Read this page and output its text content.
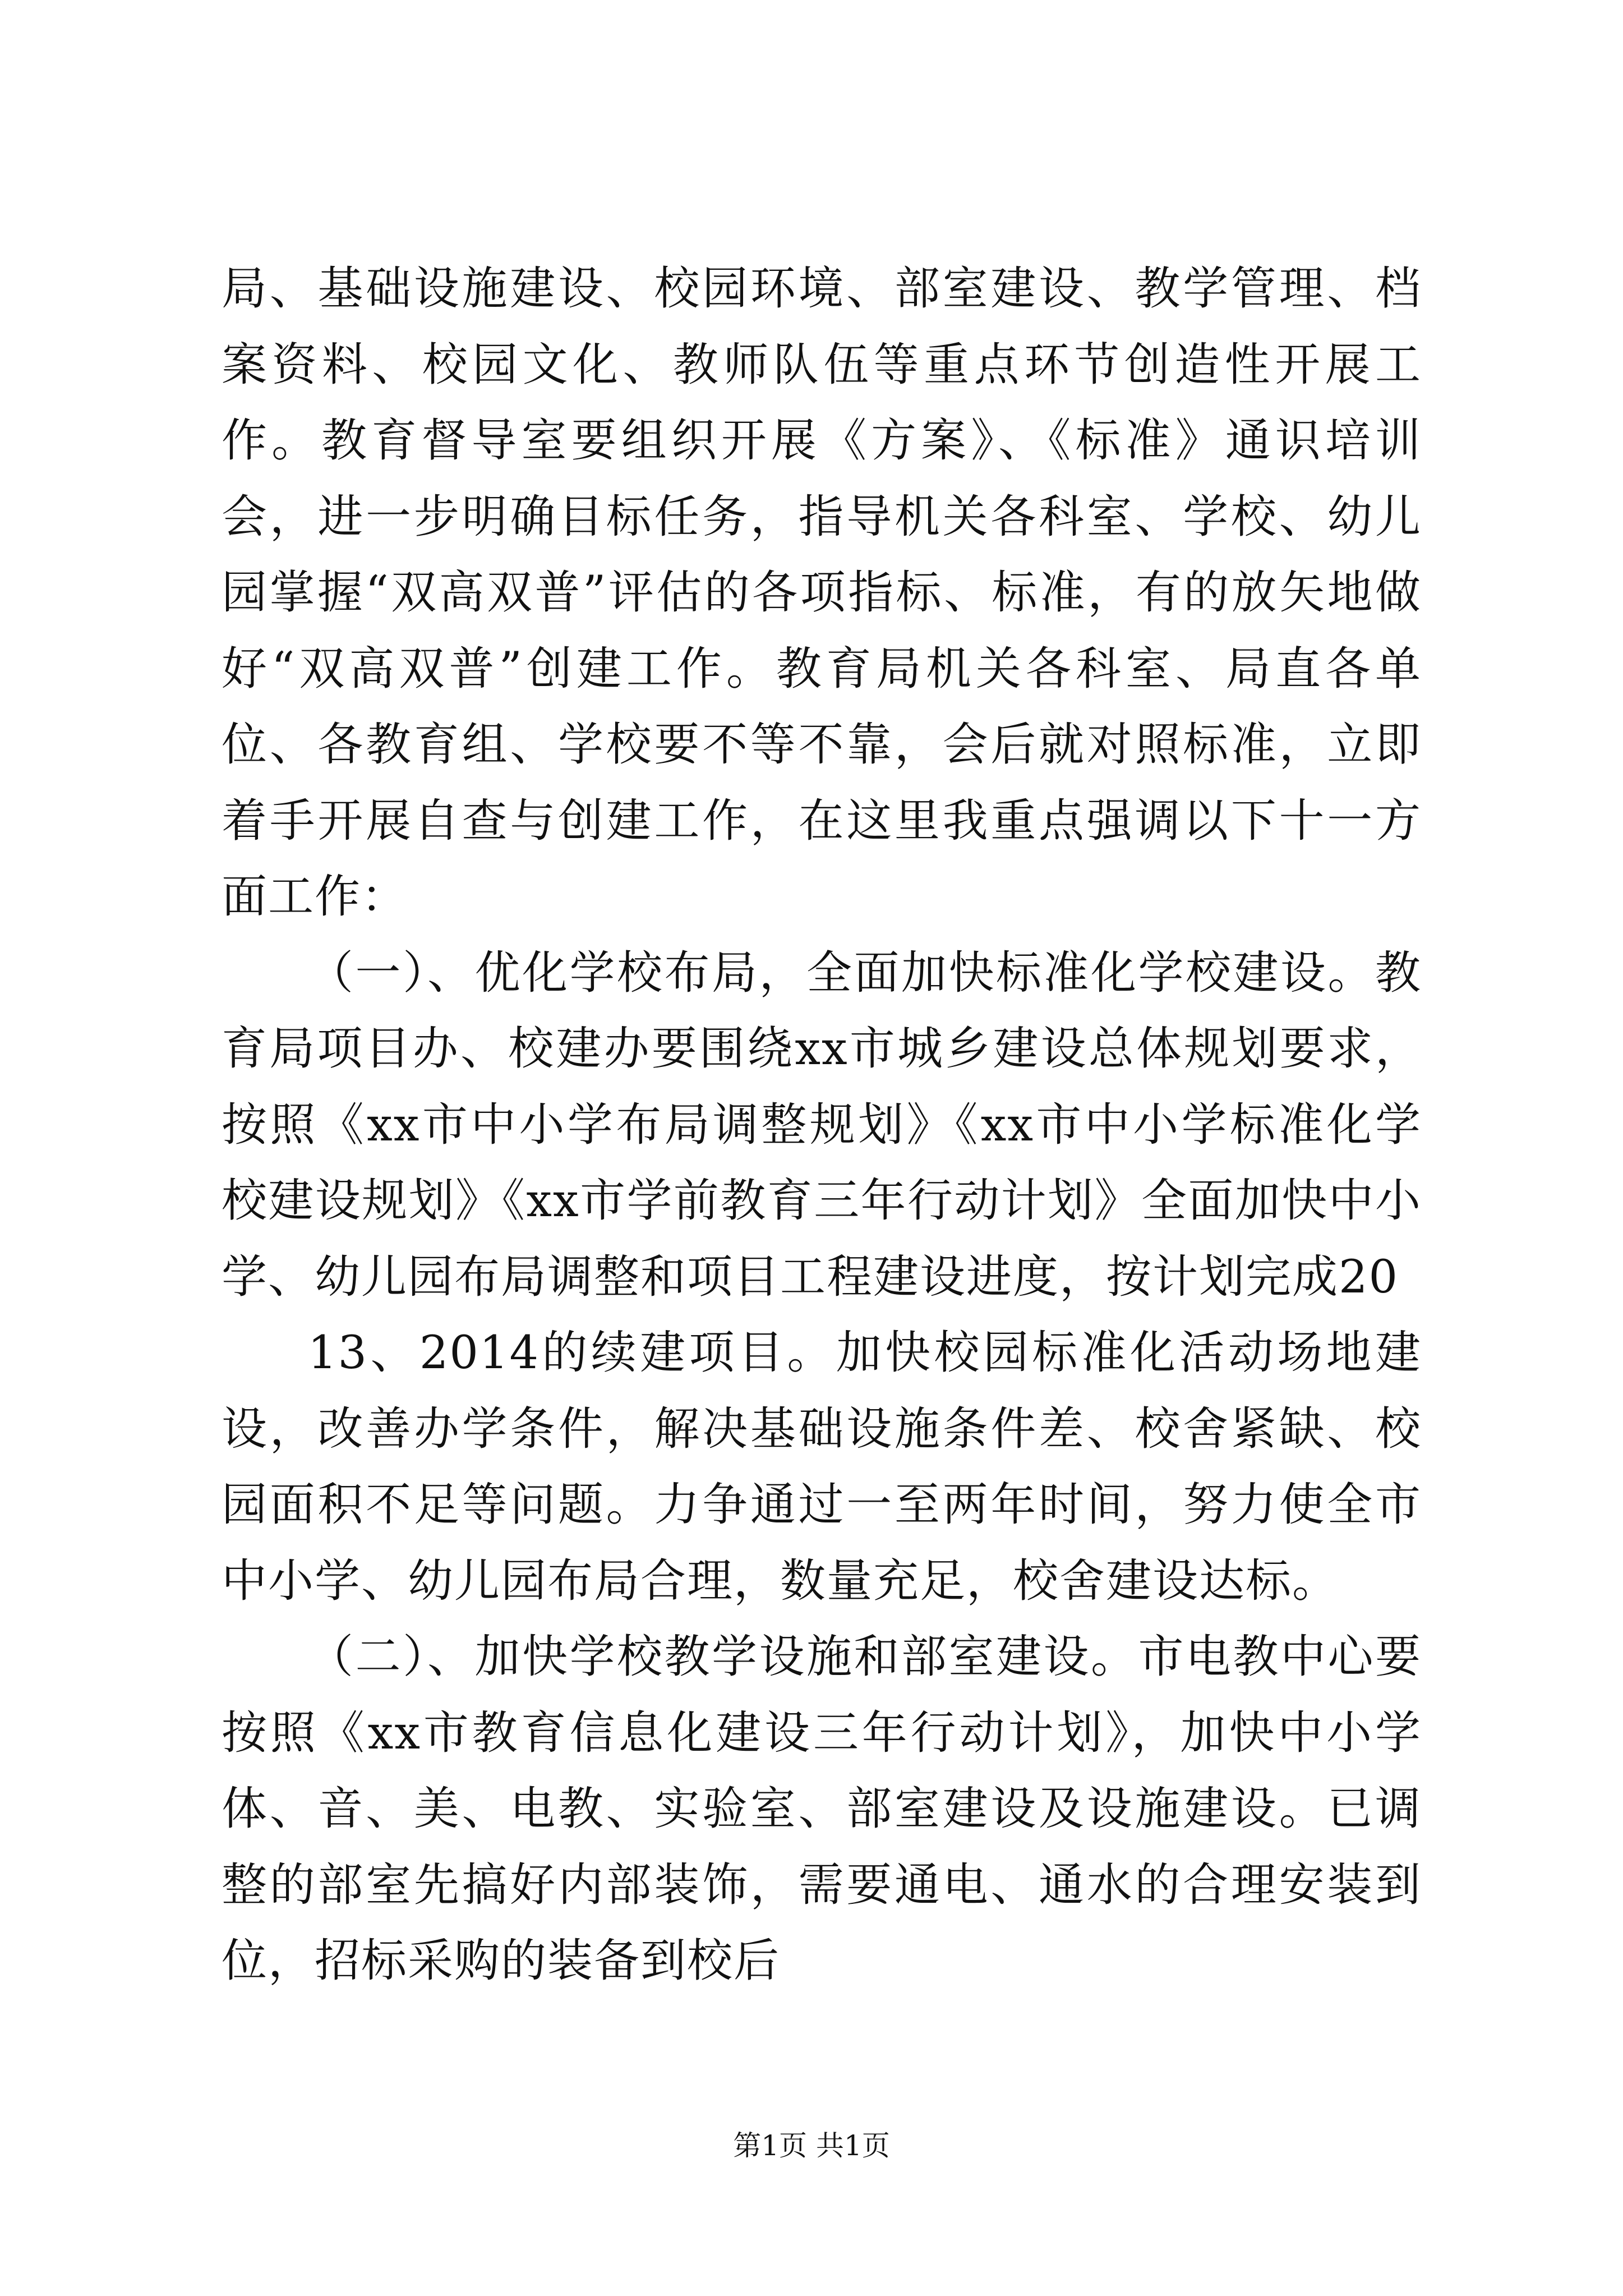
局、基础设施建设、校园环境、部室建设、教学管理、档案资料、校园文化、教师队伍等重点环节创造性开展工作。教育督导室要组织开展《方案》、《标准》通识培训会，进一步明确目标任务，指导机关各科室、学校、幼儿园掌握“双高双普”评估的各项指标、标准，有的放矢地做好“双高双普”创建工作。教育局机关各科室、局直各单位、各教育组、学校要不等不靠，会后就对照标准，立即着手开展自查与创建工作，在这里我重点强调以下十一方面工作：

（一）、优化学校布局，全面加快标准化学校建设。教育局项目办、校建办要围绕xx市城乡建设总体规划要求，按照《xx市中小学布局调整规划》《xx市中小学标准化学校建设规划》《xx市学前教育三年行动计划》全面加快中小学、幼儿园布局调整和项目工程建设进度，按计划完成20

13、2014的续建项目。加快校园标准化活动场地建设，改善办学条件，解决基础设施条件差、校舍紧缺、校园面积不足等问题。力争通过一至两年时间，努力使全市中小学、幼儿园布局合理，数量充足，校舍建设达标。

（二）、加快学校教学设施和部室建设。市电教中心要按照《xx市教育信息化建设三年行动计划》，加快中小学体、音、美、电教、实验室、部室建设及设施建设。已调整的部室先搞好内部装饰，需要通电、通水的合理安装到位，招标采购的装备到校后

第1页 共1页
